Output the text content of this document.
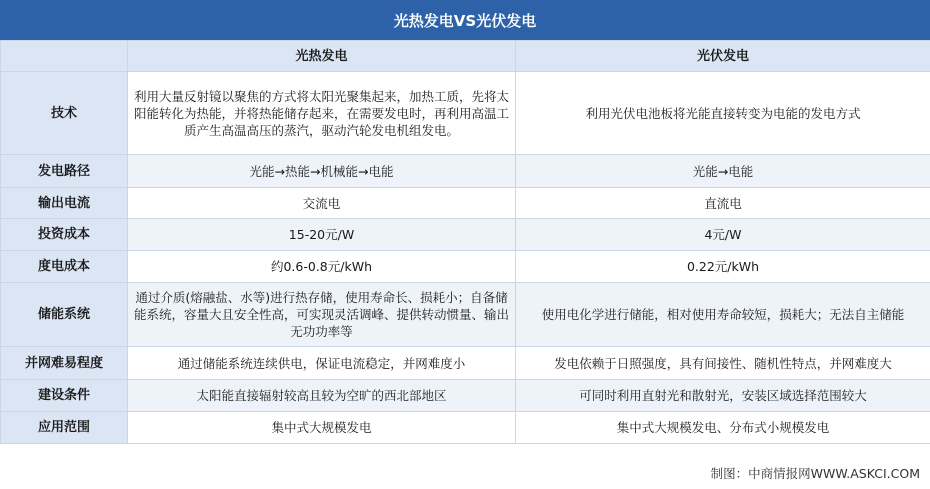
光热发电VS光伏发电
	光热发电	光伏发电
技术	利用大量反射镜以聚焦的方式将太阳光聚集起来，加热工质，先将太阳能转化为热能，并将热能储存起来，在需要发电时，再利用高温工质产生高温高压的蒸汽，驱动汽轮发电机组发电。	利用光伏电池板将光能直接转变为电能的发电方式
发电路径	光能→热能→机械能→电能	光能→电能
输出电流	交流电	直流电
投资成本	15-20元/W	4元/W
度电成本	约0.6-0.8元/kWh	0.22元/kWh
储能系统	通过介质(熔融盐、水等)进行热存储，使用寿命长、损耗小；自备储能系统，容量大且安全性高，可实现灵活调峰、提供转动惯量、输出无功功率等	使用电化学进行储能，相对使用寿命较短，损耗大；无法自主储能
并网难易程度	通过储能系统连续供电，保证电流稳定，并网难度小	发电依赖于日照强度，具有间接性、随机性特点，并网难度大
建设条件	太阳能直接辐射较高且较为空旷的西北部地区	可同时利用直射光和散射光，安装区域选择范围较大
应用范围	集中式大规模发电	集中式大规模发电、分布式小规模发电
制图：中商情报网WWW.ASKCI.COM
